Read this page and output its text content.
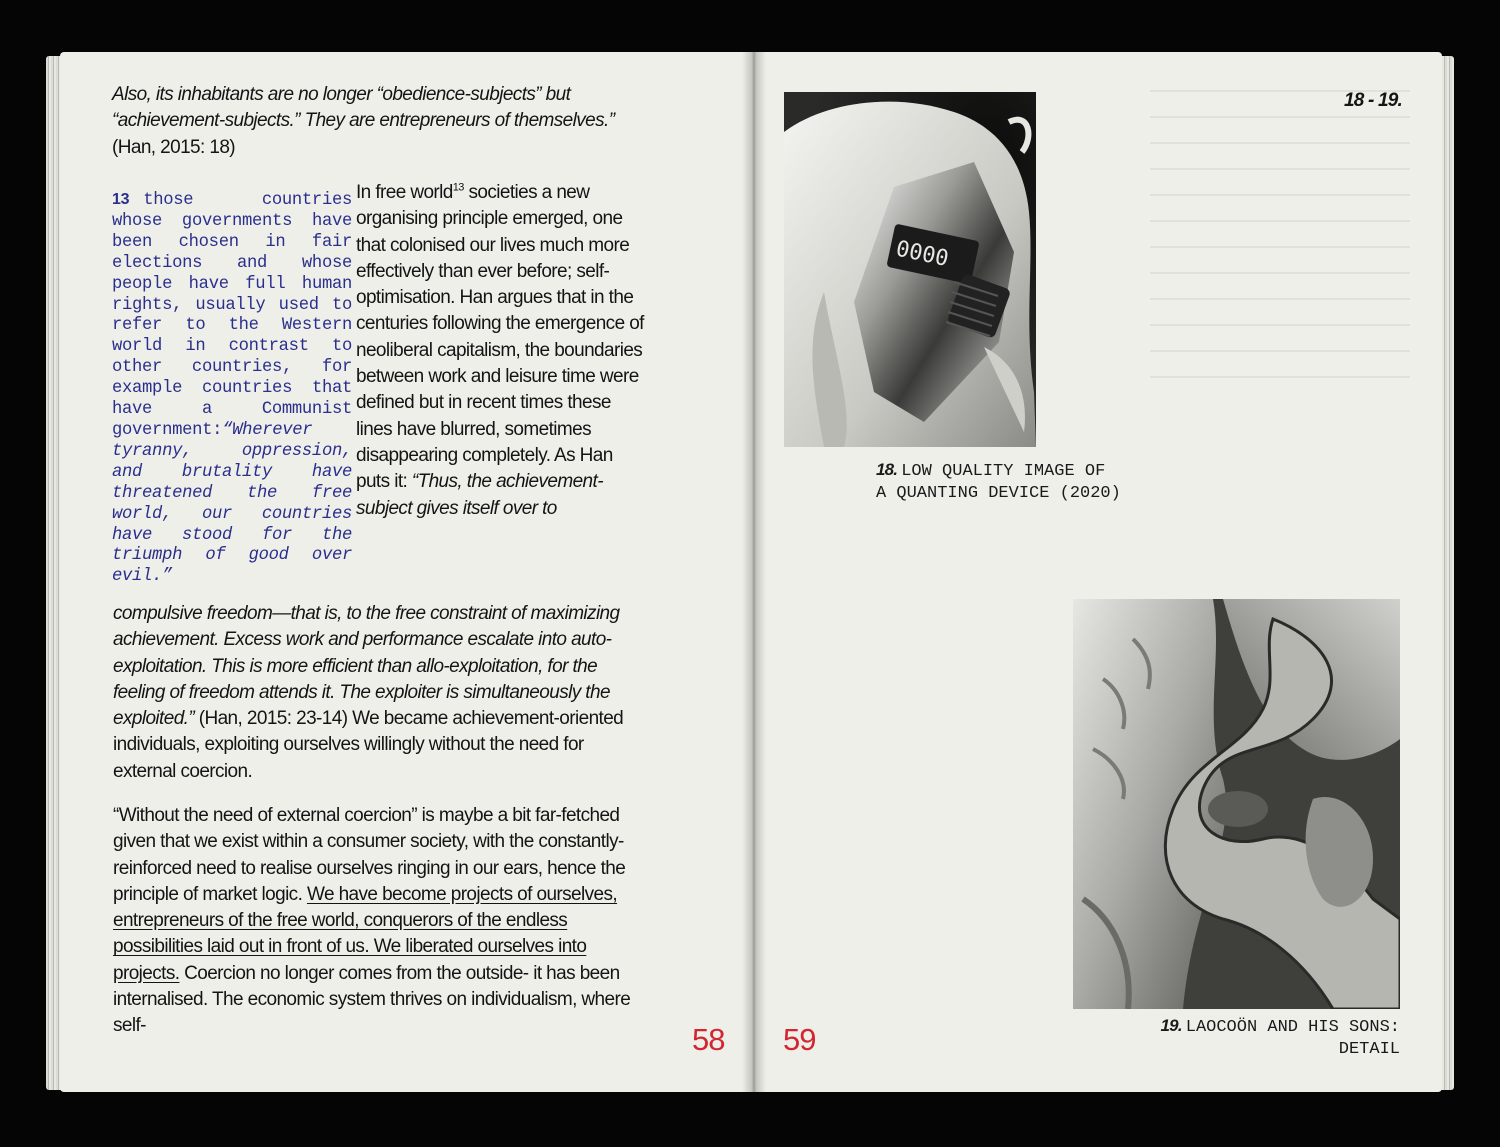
Also, its inhabitants are no longer “obedience-subjects” but “achievement-subjects.” They are entrepreneurs of themselves.” (Han, 2015: 18)
13 those countries whose governments have been chosen in fair elections and whose people have full human rights, usually used to refer to the Western world in contrast to other countries, for example countries that have a Communist government:“Wherever tyranny, oppression, and brutality have threatened the free world, our countries have stood for the triumph of good over evil.”
In free world$^{13}$ societies a new organising principle emerged, one that colonised our lives much more effectively than ever before; self-optimisation. Han argues that in the centuries following the emergence of neoliberal capitalism, the boundaries between work and leisure time were defined but in recent times these lines have blurred, sometimes disappearing completely. As Han puts it: “Thus, the achievement-subject gives itself over to
compulsive freedom—that is, to the free constraint of maximizing achievement. Excess work and performance escalate into auto-exploitation. This is more efficient than allo-exploitation, for the feeling of freedom attends it. The exploiter is simultaneously the exploited.” (Han, 2015: 23-14) We became achievement-oriented individuals, exploiting ourselves willingly without the need for external coercion.
“Without the need of external coercion” is maybe a bit far-fetched given that we exist within a consumer society, with the constantly-reinforced need to realise ourselves ringing in our ears, hence the principle of market logic. We have become projects of ourselves, entrepreneurs of the free world, conquerors of the endless possibilities laid out in front of us. We liberated ourselves into projects. Coercion no longer comes from the outside- it has been internalised. The economic system thrives on individualism, where self-	58
18 - 19.
0000
18. LOW QUALITY IMAGE OF
A QUANTING DEVICE (2020)
19. LAOCOÖN AND HIS SONS: DETAIL
59
